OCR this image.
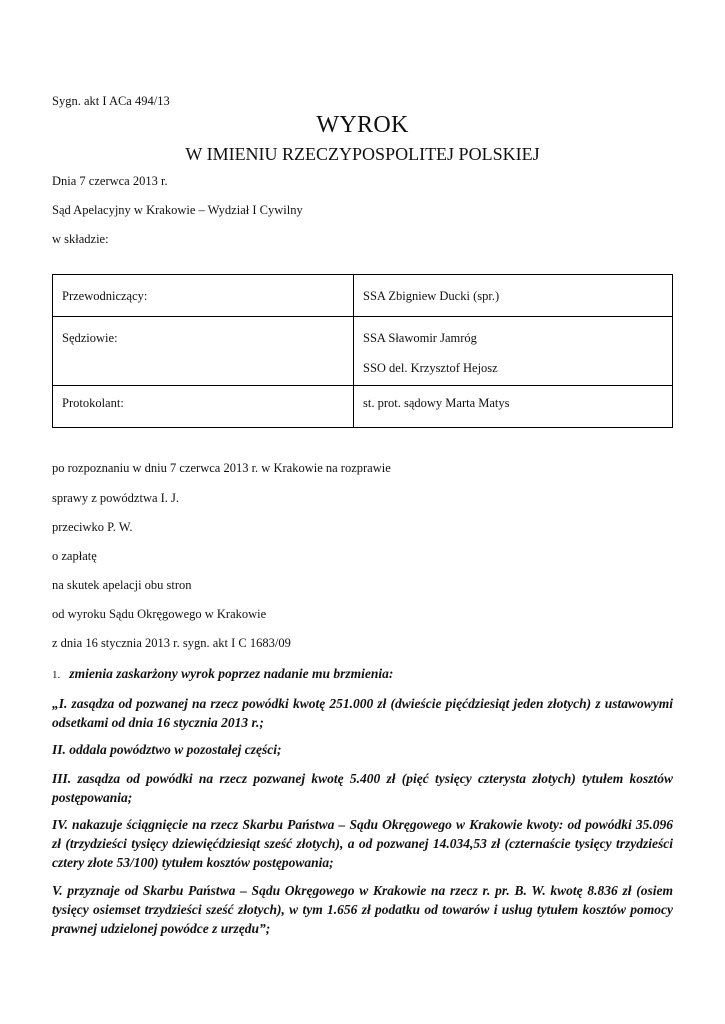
Sygn. akt I ACa 494/13
WYROK
W IMIENIU RZECZYPOSPOLITEJ POLSKIEJ
Dnia 7 czerwca 2013 r.
Sąd Apelacyjny w Krakowie – Wydział I Cywilny
w składzie:
Przewodniczący:	SSA Zbigniew Ducki (spr.)
Sędziowie:	SSA Sławomir Jamróg
SSO del. Krzysztof Hejosz

Protokolant:	st. prot. sądowy Marta Matys
po rozpoznaniu w dniu 7 czerwca 2013 r. w Krakowie na rozprawie
sprawy z powództwa I. J.
przeciwko P. W.
o zapłatę
na skutek apelacji obu stron
od wyroku Sądu Okręgowego w Krakowie
z dnia 16 stycznia 2013 r. sygn. akt I C 1683/09
1. zmienia zaskarżony wyrok poprzez nadanie mu brzmienia:
„I. zasądza od pozwanej na rzecz powódki kwotę 251.000 zł (dwieście pięćdziesiąt jeden złotych) z ustawowymi odsetkami od dnia 16 stycznia 2013 r.;
II. oddala powództwo w pozostałej części;
III. zasądza od powódki na rzecz pozwanej kwotę 5.400 zł (pięć tysięcy czterysta złotych) tytułem kosztów postępowania;
IV. nakazuje ściągnięcie na rzecz Skarbu Państwa – Sądu Okręgowego w Krakowie kwoty: od powódki 35.096 zł (trzydzieści tysięcy dziewięćdziesiąt sześć złotych), a od pozwanej 14.034,53 zł (czternaście tysięcy trzydzieści cztery złote 53/100) tytułem kosztów postępowania;
V. przyznaje od Skarbu Państwa – Sądu Okręgowego w Krakowie na rzecz r. pr. B. W. kwotę 8.836 zł (osiem tysięcy osiemset trzydzieści sześć złotych), w tym 1.656 zł podatku od towarów i usług tytułem kosztów pomocy prawnej udzielonej powódce z urzędu”;
